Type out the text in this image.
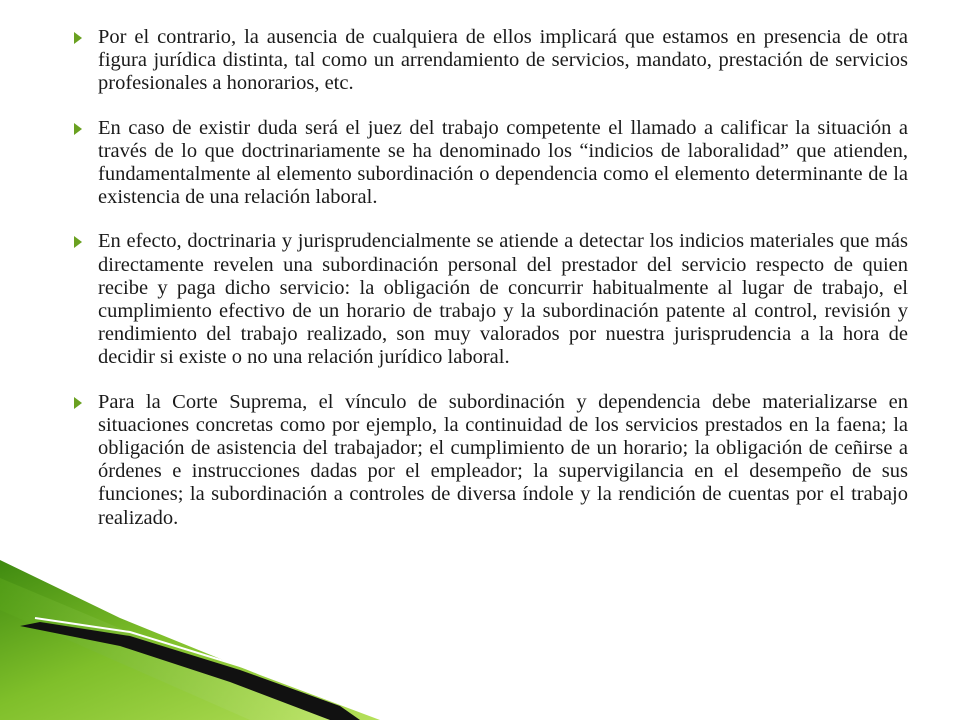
Por el contrario, la ausencia de cualquiera de ellos implicará que estamos en presencia de otra figura jurídica distinta, tal como un arrendamiento de servicios, mandato, prestación de servicios profesionales a honorarios, etc.
En caso de existir duda será el juez del trabajo competente el llamado a calificar la situación a través de lo que doctrinariamente se ha denominado los “indicios de laboralidad” que atienden, fundamentalmente al elemento subordinación o dependencia como el elemento determinante de la existencia de una relación laboral.
En efecto, doctrinaria y jurisprudencialmente se atiende a detectar los indicios materiales que más directamente revelen una subordinación personal del prestador del servicio respecto de quien recibe y paga dicho servicio: la obligación de concurrir habitualmente al lugar de trabajo, el cumplimiento efectivo de un horario de trabajo y la subordinación patente al control, revisión y rendimiento del trabajo realizado, son muy valorados por nuestra jurisprudencia a la hora de decidir si existe o no una relación jurídico laboral.
Para la Corte Suprema, el vínculo de subordinación y dependencia debe materializarse en situaciones concretas como por ejemplo, la continuidad de los servicios prestados en la faena; la obligación de asistencia del trabajador; el cumplimiento de un horario; la obligación de ceñirse a órdenes e instrucciones dadas por el empleador; la supervigilancia en el desempeño de sus funciones; la subordinación a controles de diversa índole y la rendición de cuentas por el trabajo realizado.
